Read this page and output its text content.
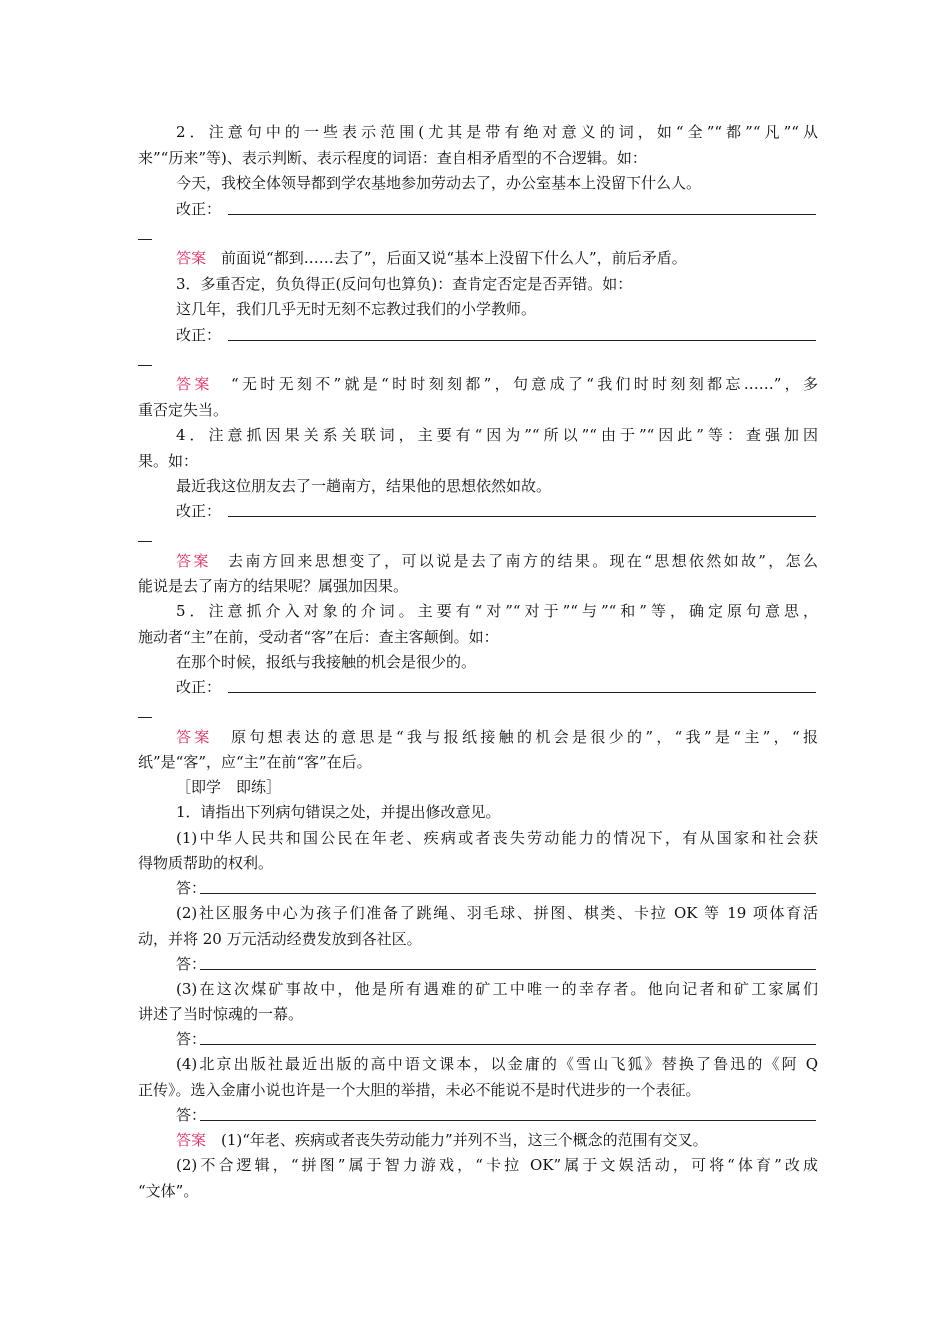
2．注意句中的一些表示范围(尤其是带有绝对意义的词，如“全”“都”“凡”“从
来”“历来”等)、表示判断、表示程度的词语：查自相矛盾型的不合逻辑。如：
今天，我校全体领导都到学农基地参加劳动去了，办公室基本上没留下什么人。
改正：
答案　 前面说“都到……去了”，后面又说“基本上没留下什么人”，前后矛盾。
3．多重否定，负负得正(反问句也算负)：查肯定否定是否弄错。如：
这几年，我们几乎无时无刻不忘教过我们的小学教师。
改正：
答案　 “无时无刻不”就是“时时刻刻都”，句意成了“我们时时刻刻都忘……”，多
重否定失当。
4．注意抓因果关系关联词，主要有“因为”“所以”“由于”“因此”等：查强加因
果。如：
最近我这位朋友去了一趟南方，结果他的思想依然如故。
改正：
答案　 去南方回来思想变了，可以说是去了南方的结果。现在“思想依然如故”，怎么
能说是去了南方的结果呢？属强加因果。
5．注意抓介入对象的介词。主要有“对”“对于”“与”“和”等，确定原句意思，
施动者“主”在前，受动者“客”在后：查主客颠倒。如：
在那个时候，报纸与我接触的机会是很少的。
改正：
答案　 原句想表达的意思是“我与报纸接触的机会是很少的”，“我”是“主”，“报
纸”是“客”，应“主”在前“客”在后。
［即学　即练］
1．请指出下列病句错误之处，并提出修改意见。
(1)中华人民共和国公民在年老、疾病或者丧失劳动能力的情况下，有从国家和社会获
得物质帮助的权利。
答：
(2)社区服务中心为孩子们准备了跳绳、羽毛球、拼图、棋类、卡拉 OK 等 19 项体育活
动，并将 20 万元活动经费发放到各社区。
答：
(3)在这次煤矿事故中，他是所有遇难的矿工中唯一的幸存者。他向记者和矿工家属们
讲述了当时惊魂的一幕。
答：
(4)北京出版社最近出版的高中语文课本，以金庸的《雪山飞狐》替换了鲁迅的《阿 Q
正传》。选入金庸小说也许是一个大胆的举措，未必不能说不是时代进步的一个表征。
答：
答案　 (1)“年老、疾病或者丧失劳动能力”并列不当，这三个概念的范围有交叉。
(2)不合逻辑，“拼图”属于智力游戏，“卡拉 OK”属于文娱活动，可将“体育”改成
“文体”。
